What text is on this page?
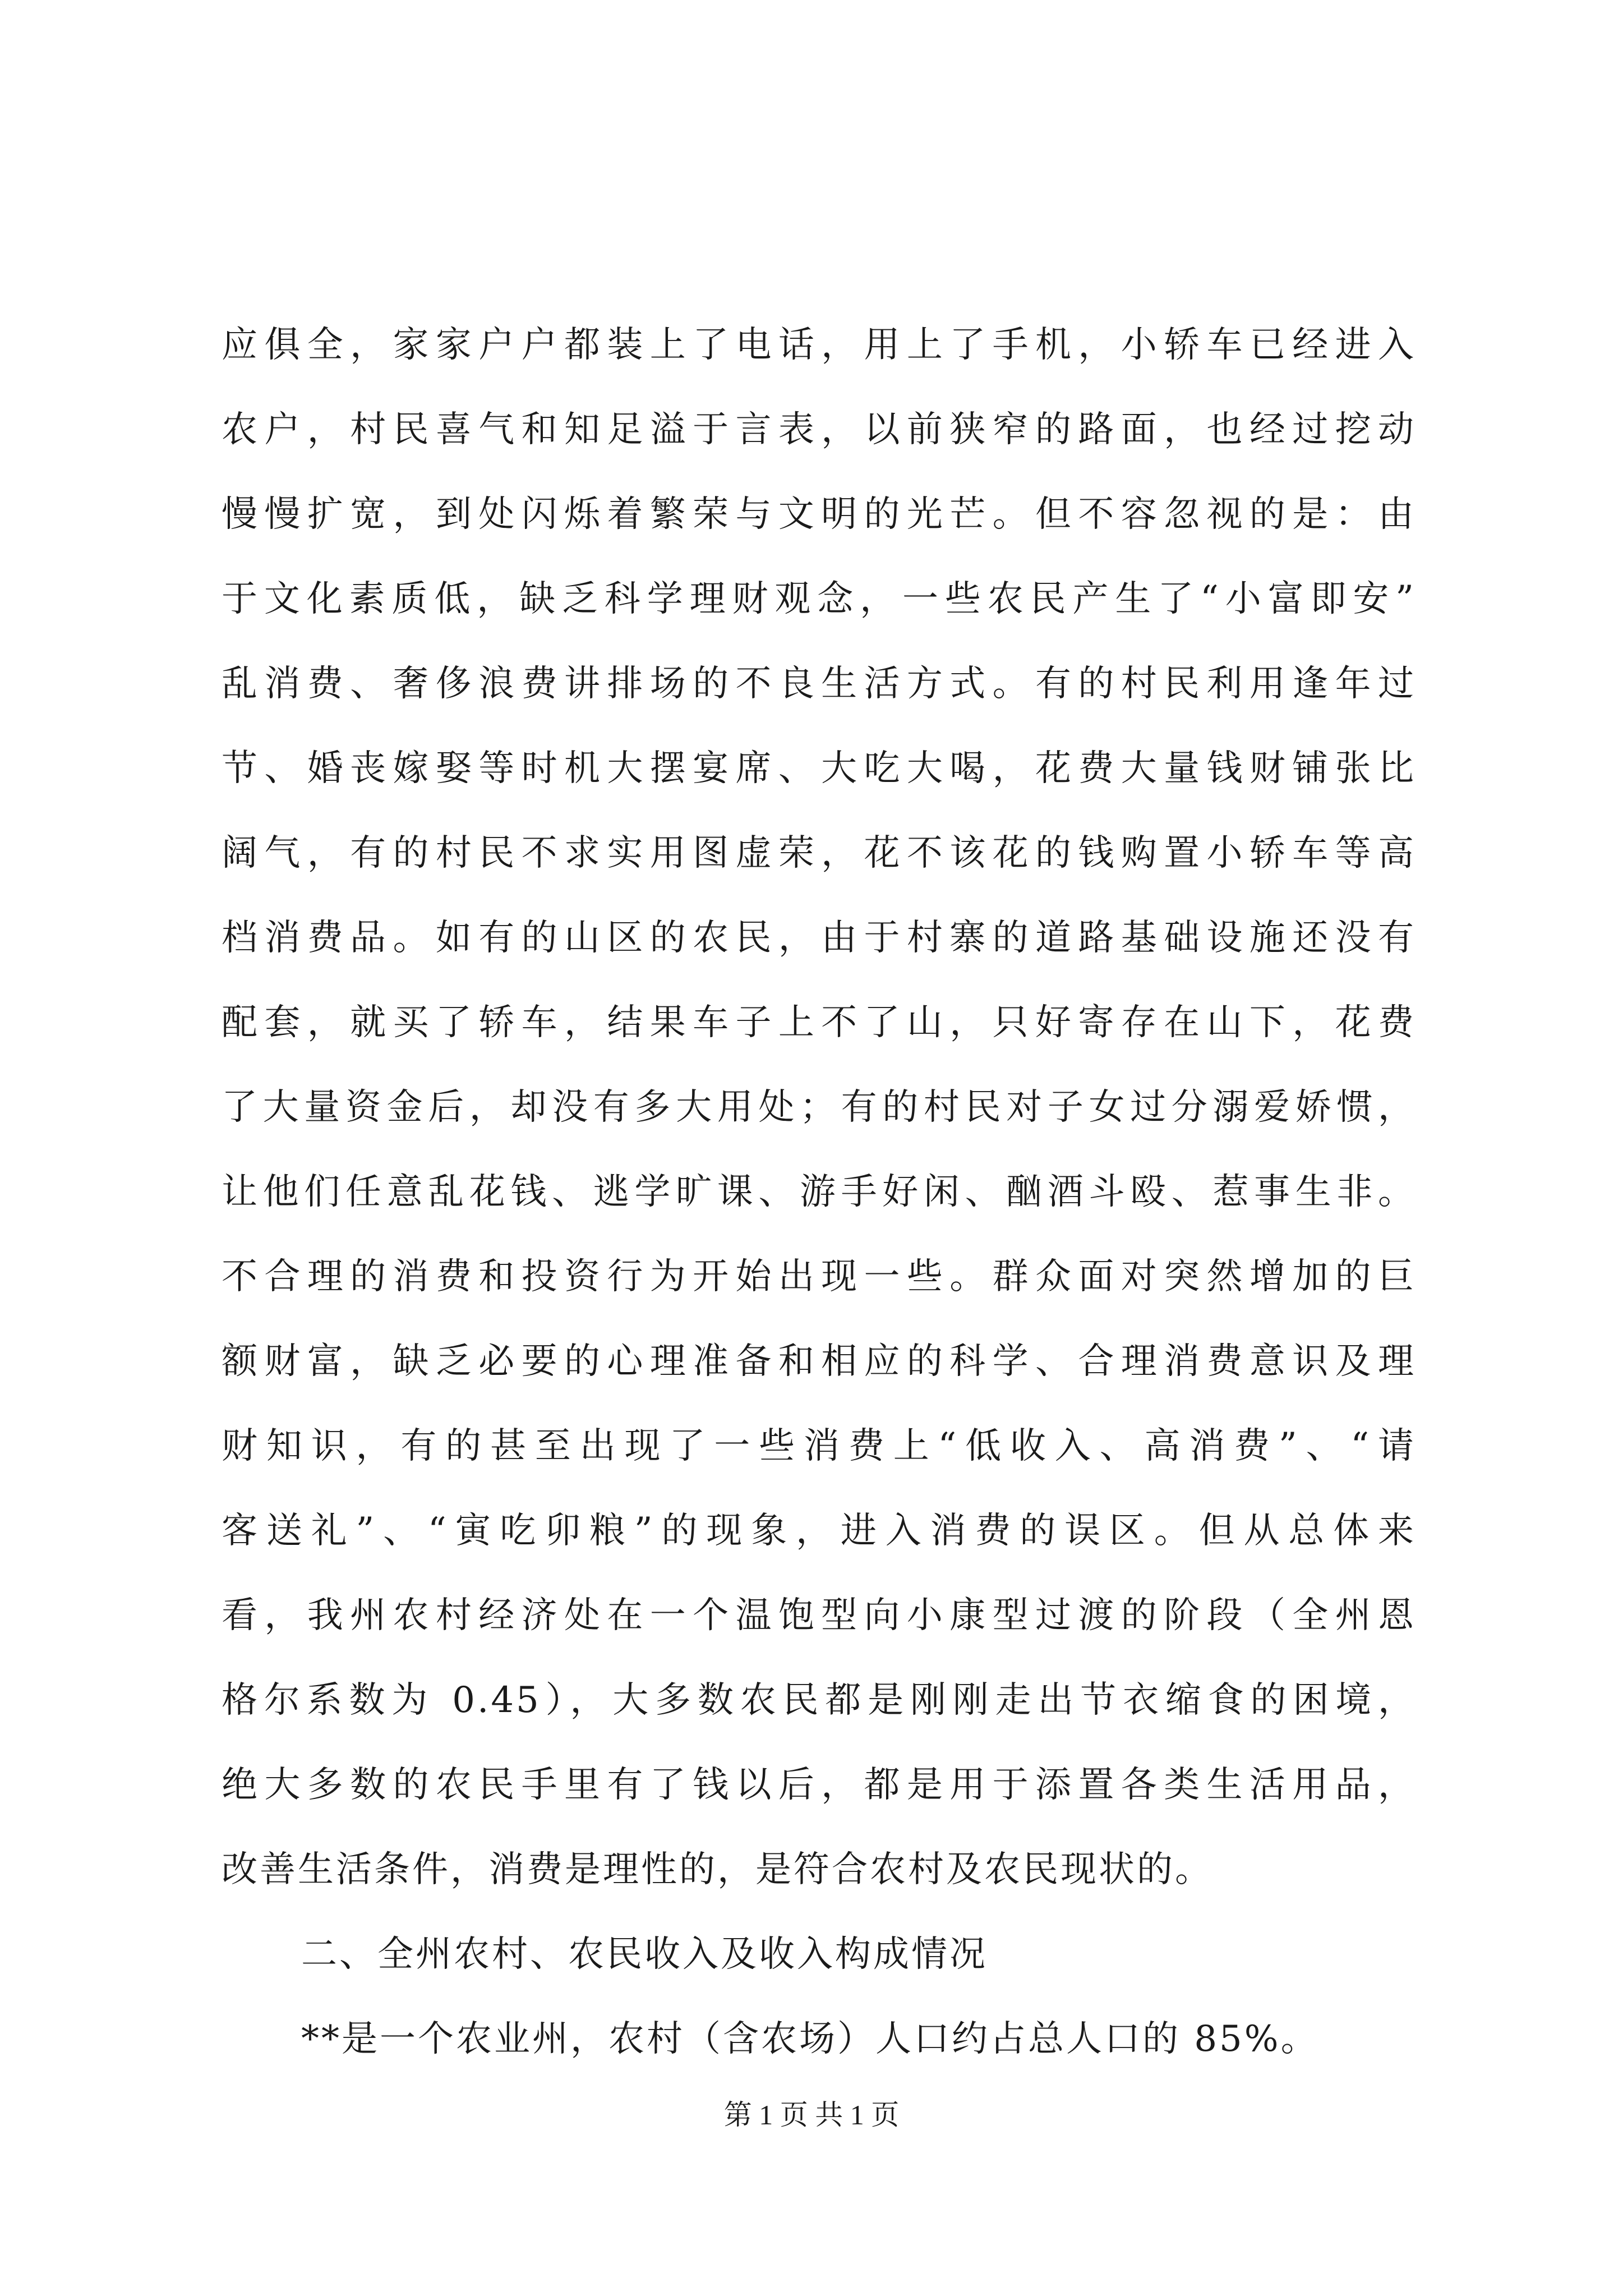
应俱全，家家户户都装上了电话，用上了手机，小轿车已经进入
农户，村民喜气和知足溢于言表，以前狭窄的路面，也经过挖动
慢慢扩宽，到处闪烁着繁荣与文明的光芒。但不容忽视的是：由
于文化素质低，缺乏科学理财观念，一些农民产生了“小富即安”
乱消费、奢侈浪费讲排场的不良生活方式。有的村民利用逢年过
节、婚丧嫁娶等时机大摆宴席、大吃大喝，花费大量钱财铺张比
阔气，有的村民不求实用图虚荣，花不该花的钱购置小轿车等高
档消费品。如有的山区的农民，由于村寨的道路基础设施还没有
配套，就买了轿车，结果车子上不了山，只好寄存在山下，花费
了大量资金后，却没有多大用处；有的村民对子女过分溺爱娇惯，
让他们任意乱花钱、逃学旷课、游手好闲、酗酒斗殴、惹事生非。
不合理的消费和投资行为开始出现一些。群众面对突然增加的巨
额财富，缺乏必要的心理准备和相应的科学、合理消费意识及理
财知识，有的甚至出现了一些消费上“低收入、高消费”、“请
客送礼”、“寅吃卯粮”的现象，进入消费的误区。但从总体来
看，我州农村经济处在一个温饱型向小康型过渡的阶段（全州恩
格尔系数为 0.45），大多数农民都是刚刚走出节衣缩食的困境，
绝大多数的农民手里有了钱以后，都是用于添置各类生活用品，
改善生活条件，消费是理性的，是符合农村及农民现状的。
二、全州农村、农民收入及收入构成情况
**是一个农业州，农村（含农场）人口约占总人口的 85%。
第 1 页 共 1 页
